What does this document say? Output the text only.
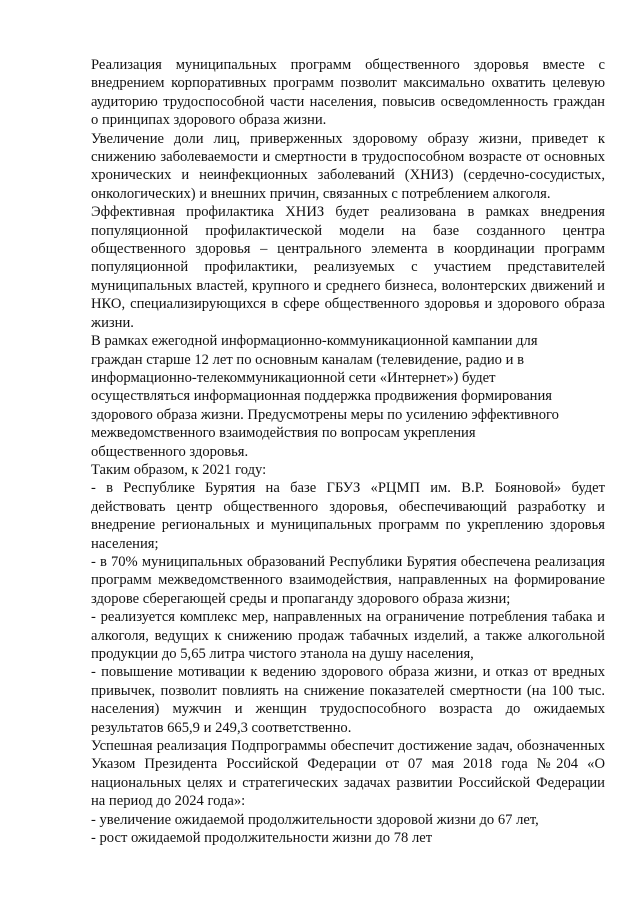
Реализация муниципальных программ общественного здоровья вместе с внедрением корпоративных программ позволит максимально охватить целевую аудиторию трудоспособной части населения, повысив осведомленность граждан о принципах здорового образа жизни.

Увеличение доли лиц, приверженных здоровому образу жизни, приведет к снижению заболеваемости и смертности в трудоспособном возрасте от основных хронических и неинфекционных заболеваний (ХНИЗ) (сердечно-сосудистых, онкологических) и внешних причин, связанных с потреблением алкоголя.

Эффективная профилактика ХНИЗ будет реализована в рамках внедрения популяционной профилактической модели на базе созданного центра общественного здоровья – центрального элемента в координации программ популяционной профилактики, реализуемых с участием представителей муниципальных властей, крупного и среднего бизнеса, волонтерских движений и НКО, специализирующихся в сфере общественного здоровья и здорового образа жизни.

В рамках ежегодной информационно-коммуникационной кампании для граждан старше 12 лет по основным каналам (телевидение, радио и в информационно-телекоммуникационной сети «Интернет») будет осуществляться информационная поддержка продвижения формирования здорового образа жизни. Предусмотрены меры по усилению эффективного межведомственного взаимодействия по вопросам укрепления общественного здоровья.

Таким образом, к 2021 году:

- в Республике Бурятия на базе ГБУЗ «РЦМП им. В.Р. Бояновой» будет действовать центр общественного здоровья, обеспечивающий разработку и внедрение региональных и муниципальных программ по укреплению здоровья населения;

- в 70% муниципальных образований Республики Бурятия обеспечена реализация программ межведомственного взаимодействия, направленных на формирование здорове сберегающей среды и пропаганду здорового образа жизни;

- реализуется комплекс мер, направленных на ограничение потребления табака и алкоголя, ведущих к снижению продаж табачных изделий, а также алкогольной продукции до 5,65 литра чистого этанола на душу населения,

- повышение мотивации к ведению здорового образа жизни, и отказ от вредных привычек, позволит повлиять на снижение показателей смертности (на 100 тыс. населения) мужчин и женщин трудоспособного возраста до ожидаемых результатов 665,9 и 249,3 соответственно.

Успешная реализация Подпрограммы обеспечит достижение задач, обозначенных Указом Президента Российской Федерации от 07 мая 2018 года №204 «О национальных целях и стратегических задачах развитии Российской Федерации на период до 2024 года»:

- увеличение ожидаемой продолжительности здоровой жизни до 67 лет,

- рост ожидаемой продолжительности жизни до 78 лет
